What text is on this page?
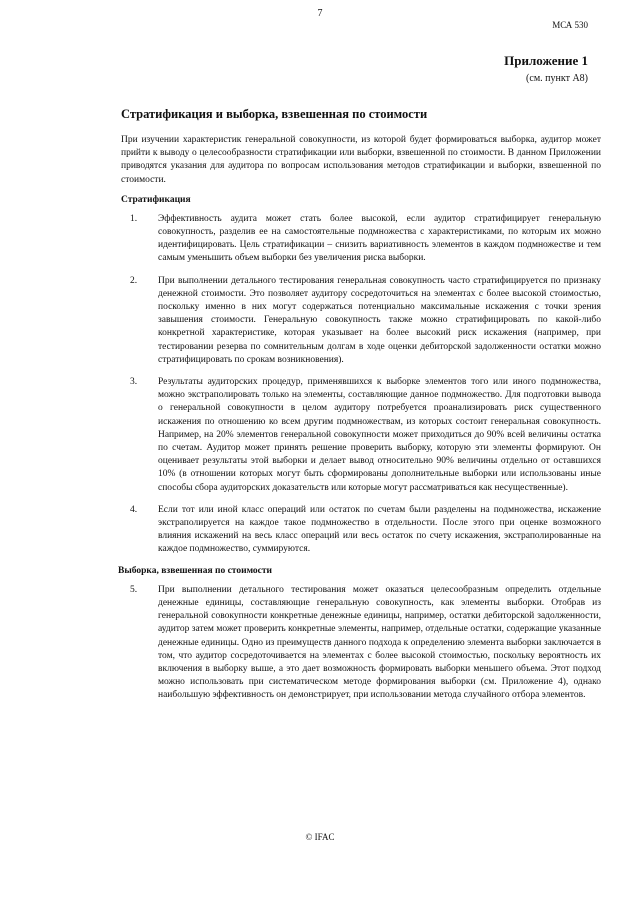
7
МСА 530
Приложение 1
(см. пункт А8)
Стратификация и выборка, взвешенная по стоимости

При изучении характеристик генеральной совокупности, из которой будет формироваться выборка, аудитор может прийти к выводу о целесообразности стратификации или выборки, взвешенной по стоимости. В данном Приложении приводятся указания для аудитора по вопросам использования методов стратификации и выборки, взвешенной по стоимости.

Стратификация
1. Эффективность аудита может стать более высокой, если аудитор стратифицирует генеральную совокупность, разделив ее на самостоятельные подмножества с характеристиками, по которым их можно идентифицировать. Цель стратификации – снизить вариативность элементов в каждом подмножестве и тем самым уменьшить объем выборки без увеличения риска выборки.
2. При выполнении детального тестирования генеральная совокупность часто стратифицируется по признаку денежной стоимости. Это позволяет аудитору сосредоточиться на элементах с более высокой стоимостью, поскольку именно в них могут содержаться потенциально максимальные искажения с точки зрения завышения стоимости. Генеральную совокупность также можно стратифицировать по какой-либо конкретной характеристике, которая указывает на более высокий риск искажения (например, при тестировании резерва по сомнительным долгам в ходе оценки дебиторской задолженности остатки можно стратифицировать по срокам возникновения).
3. Результаты аудиторских процедур, применявшихся к выборке элементов того или иного подмножества, можно экстраполировать только на элементы, составляющие данное подмножество. Для подготовки вывода о генеральной совокупности в целом аудитору потребуется проанализировать риск существенного искажения по отношению ко всем другим подмножествам, из которых состоит генеральная совокупность. Например, на 20% элементов генеральной совокупности может приходиться до 90% всей величины остатка по счетам. Аудитор может принять решение проверить выборку, которую эти элементы формируют. Он оценивает результаты этой выборки и делает вывод относительно 90% величины отдельно от оставшихся 10% (в отношении которых могут быть сформированы дополнительные выборки или использованы иные способы сбора аудиторских доказательств или которые могут рассматриваться как несущественные).
4. Если тот или иной класс операций или остаток по счетам были разделены на подмножества, искажение экстраполируется на каждое такое подмножество в отдельности. После этого при оценке возможного влияния искажений на весь класс операций или весь остаток по счету искажения, экстраполированные на каждое подмножество, суммируются.
Выборка, взвешенная по стоимости
5. При выполнении детального тестирования может оказаться целесообразным определить отдельные денежные единицы, составляющие генеральную совокупность, как элементы выборки. Отобрав из генеральной совокупности конкретные денежные единицы, например, остатки дебиторской задолженности, аудитор затем может проверить конкретные элементы, например, отдельные остатки, содержащие указанные денежные единицы. Одно из преимуществ данного подхода к определению элемента выборки заключается в том, что аудитор сосредоточивается на элементах с более высокой стоимостью, поскольку вероятность их включения в выборку выше, а это дает возможность формировать выборки меньшего объема. Этот подход можно использовать при систематическом методе формирования выборки (см. Приложение 4), однако наибольшую эффективность он демонстрирует, при использовании метода случайного отбора элементов.
© IFAC
